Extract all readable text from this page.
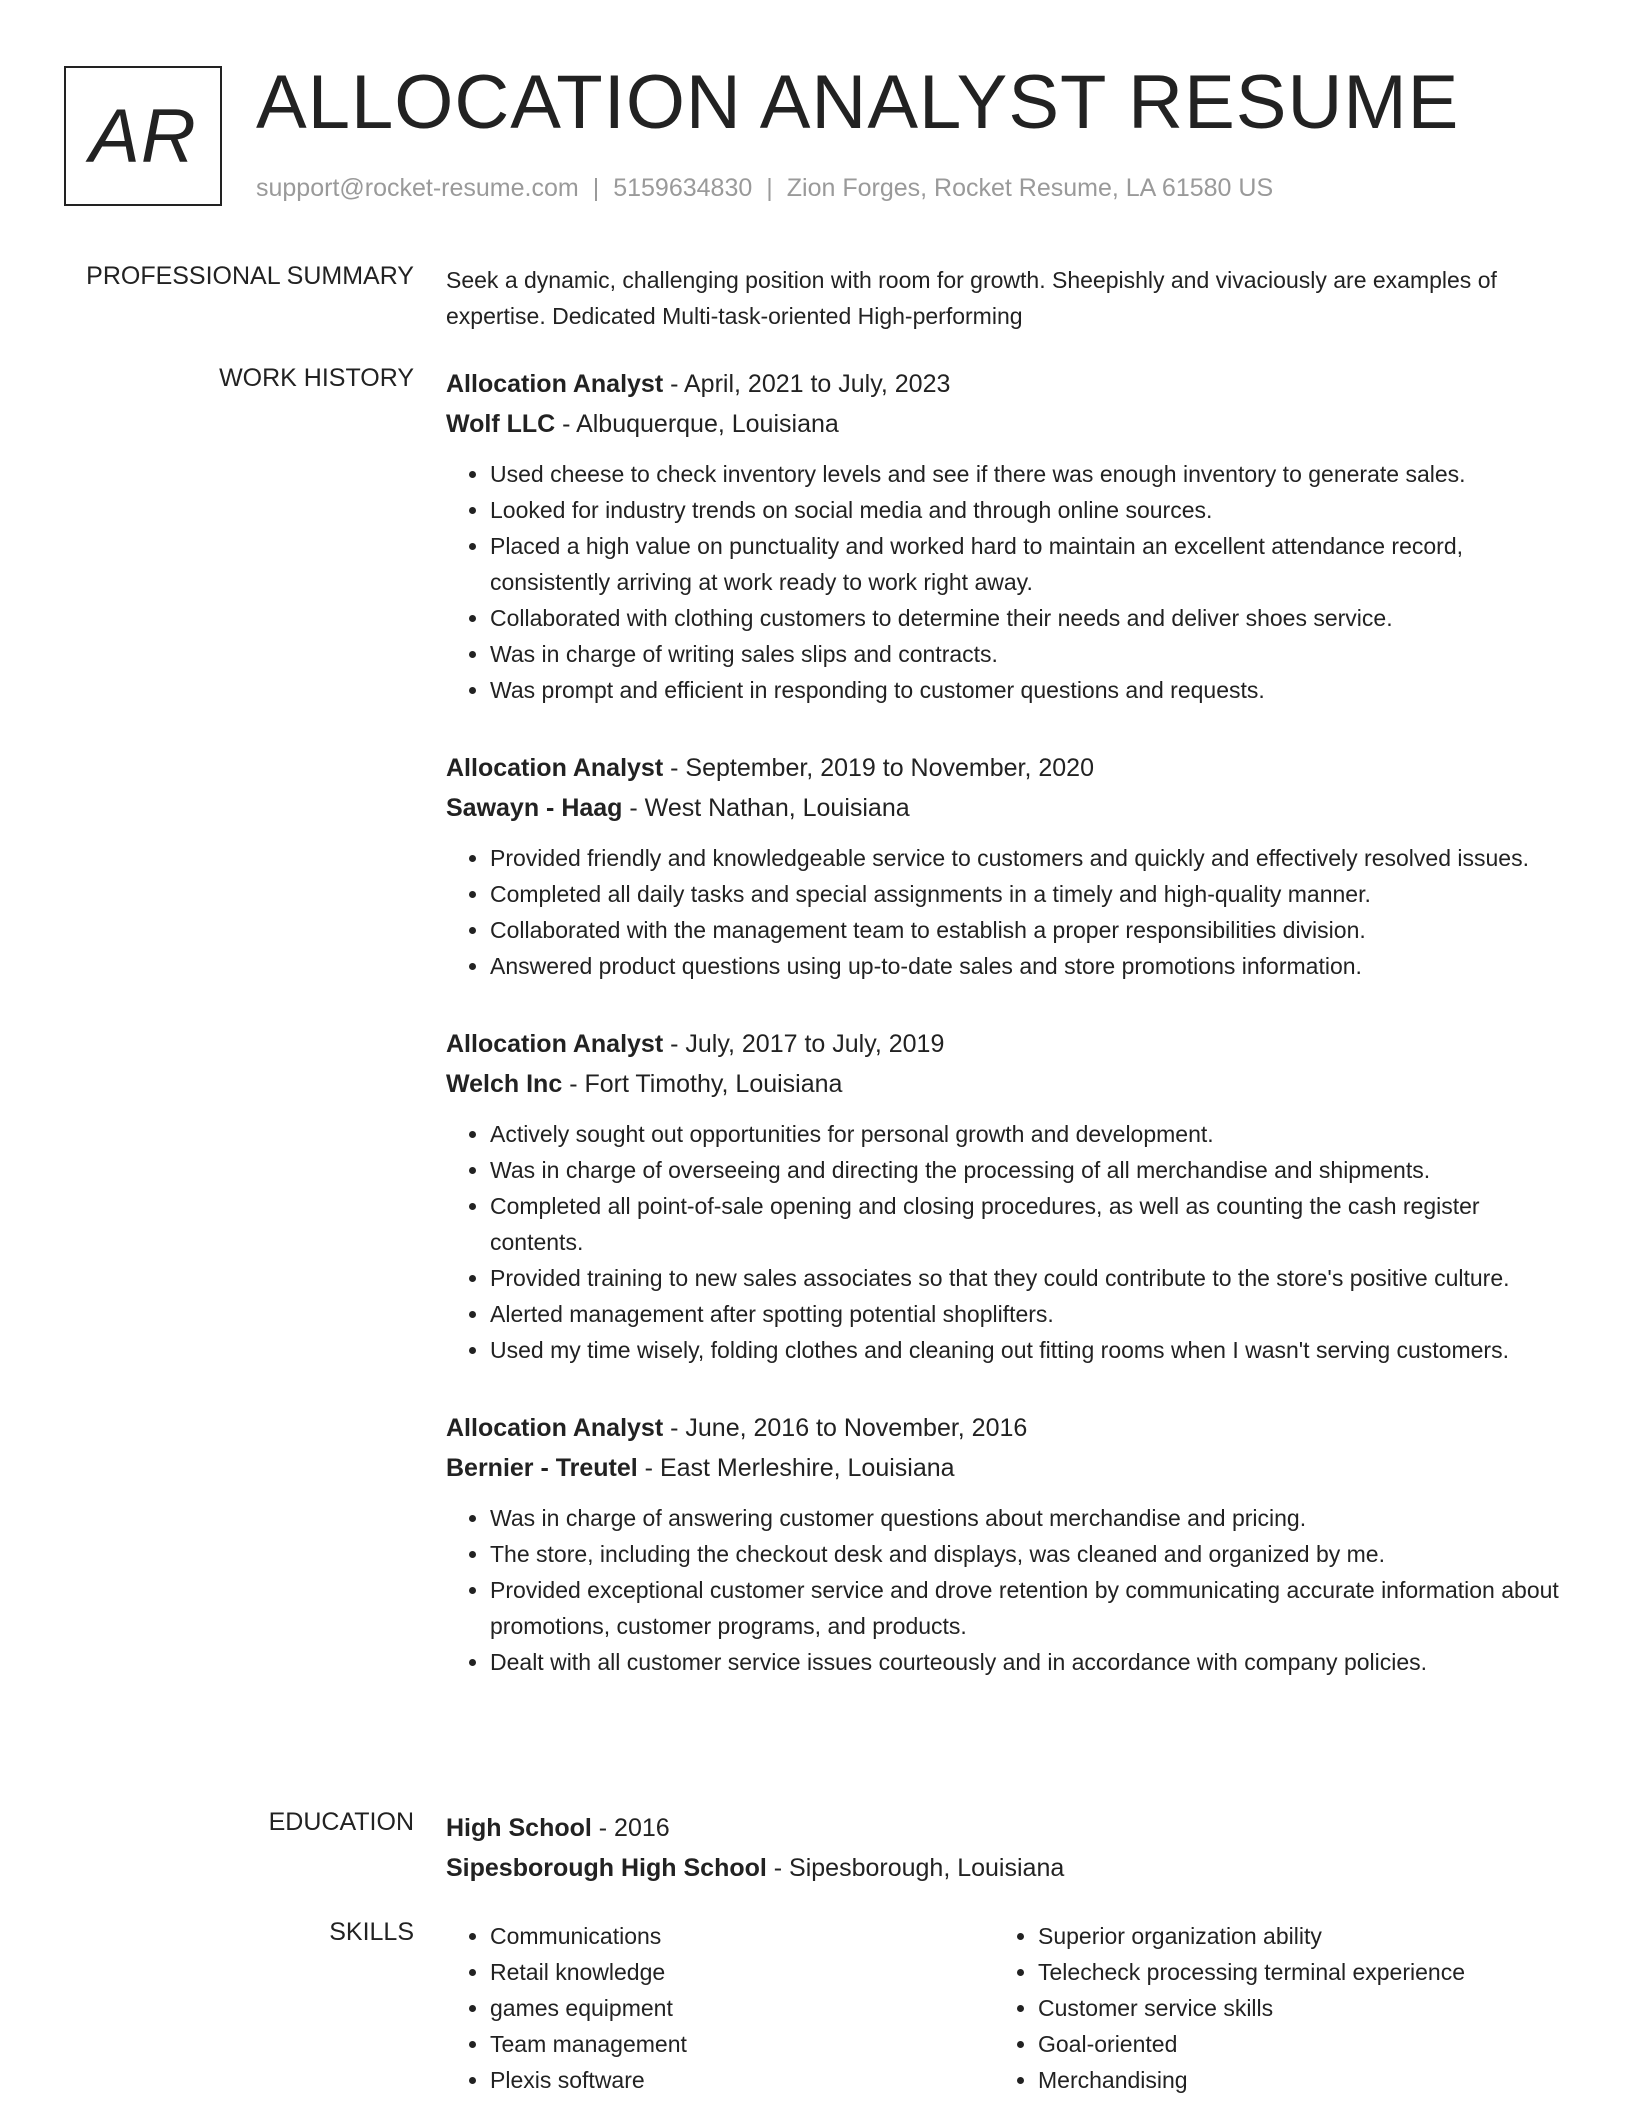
AR ALLOCATION ANALYST RESUME
support@rocket-resume.com | 5159634830 | Zion Forges, Rocket Resume, LA 61580 US
PROFESSIONAL SUMMARY Seek a dynamic, challenging position with room for growth. Sheepishly and vivaciously are examples of expertise. Dedicated Multi-task-oriented High-performing

WORK HISTORY Allocation Analyst - April, 2021 to July, 2023

Wolf LLC - Albuquerque, Louisiana

• Used cheese to check inventory levels and see if there was enough inventory to generate sales.
• Looked for industry trends on social media and through online sources.
• Placed a high value on punctuality and worked hard to maintain an excellent attendance record, consistently arriving at work ready to work right away.
• Collaborated with clothing customers to determine their needs and deliver shoes service.
• Was in charge of writing sales slips and contracts.
• Was prompt and efficient in responding to customer questions and requests.

Allocation Analyst - September, 2019 to November, 2020

Sawayn - Haag - West Nathan, Louisiana

• Provided friendly and knowledgeable service to customers and quickly and effectively resolved issues.
• Completed all daily tasks and special assignments in a timely and high-quality manner.
• Collaborated with the management team to establish a proper responsibilities division.
• Answered product questions using up-to-date sales and store promotions information.

Allocation Analyst - July, 2017 to July, 2019

Welch Inc - Fort Timothy, Louisiana

• Actively sought out opportunities for personal growth and development.
• Was in charge of overseeing and directing the processing of all merchandise and shipments.
• Completed all point-of-sale opening and closing procedures, as well as counting the cash register contents.
• Provided training to new sales associates so that they could contribute to the store's positive culture.
• Alerted management after spotting potential shoplifters.
• Used my time wisely, folding clothes and cleaning out fitting rooms when I wasn't serving customers.

Allocation Analyst - June, 2016 to November, 2016

Bernier - Treutel - East Merleshire, Louisiana

• Was in charge of answering customer questions about merchandise and pricing.
• The store, including the checkout desk and displays, was cleaned and organized by me.
• Provided exceptional customer service and drove retention by communicating accurate information about promotions, customer programs, and products.
• Dealt with all customer service issues courteously and in accordance with company policies.
EDUCATION High School - 2016

Sipesborough High School - Sipesborough, Louisiana

SKILLS
•	Communications
• Retail knowledge
• games equipment
• Team management
• Plexis software
• Superior organization ability
• Telecheck processing terminal experience
• Customer service skills
• Goal-oriented
• Merchandising
